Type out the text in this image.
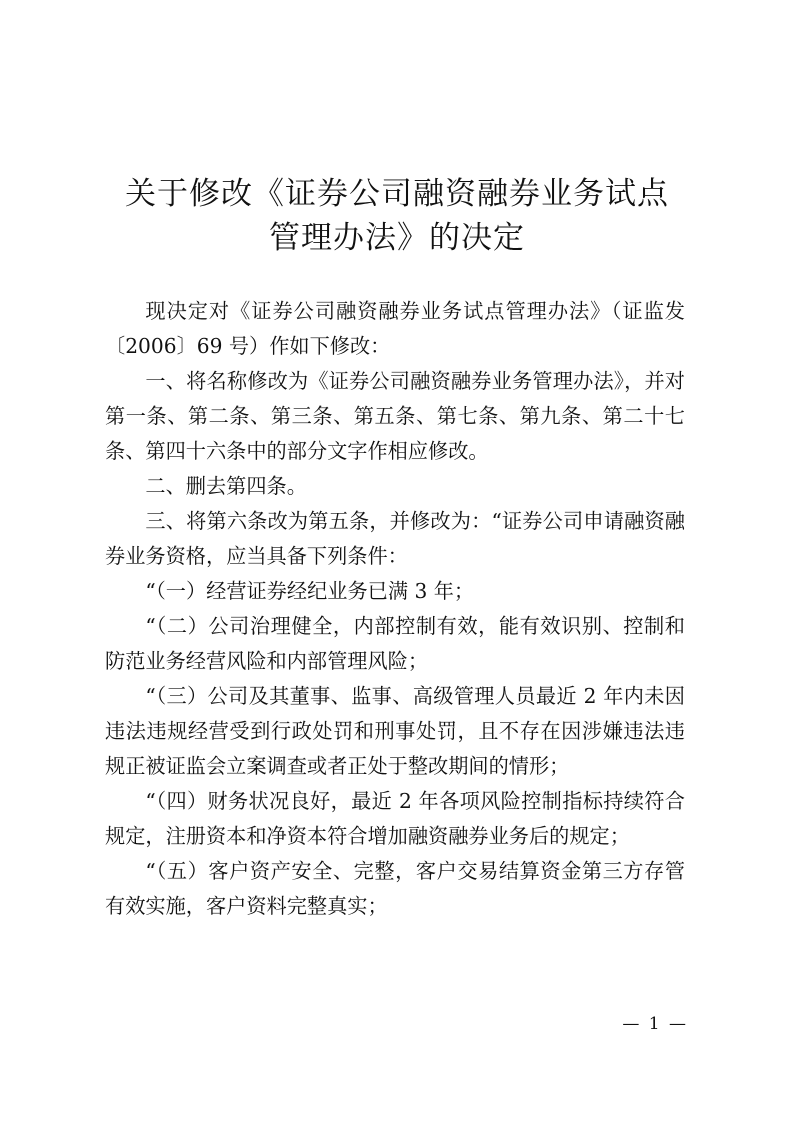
关于修改《证券公司融资融券业务试点
管理办法》的决定

现决定对《证券公司融资融券业务试点管理办法》（证监发〔2006〕69 号）作如下修改：

一、将名称修改为《证券公司融资融券业务管理办法》，并对第一条、第二条、第三条、第五条、第七条、第九条、第二十七条、第四十六条中的部分文字作相应修改。

二、删去第四条。

三、将第六条改为第五条，并修改为：“证券公司申请融资融券业务资格，应当具备下列条件：

“（一）经营证券经纪业务已满 3 年；

“（二）公司治理健全，内部控制有效，能有效识别、控制和防范业务经营风险和内部管理风险；

“（三）公司及其董事、监事、高级管理人员最近 2 年内未因违法违规经营受到行政处罚和刑事处罚，且不存在因涉嫌违法违规正被证监会立案调查或者正处于整改期间的情形；

“（四）财务状况良好，最近 2 年各项风险控制指标持续符合规定，注册资本和净资本符合增加融资融券业务后的规定；

“（五）客户资产安全、完整，客户交易结算资金第三方存管有效实施，客户资料完整真实；

— 1 —
